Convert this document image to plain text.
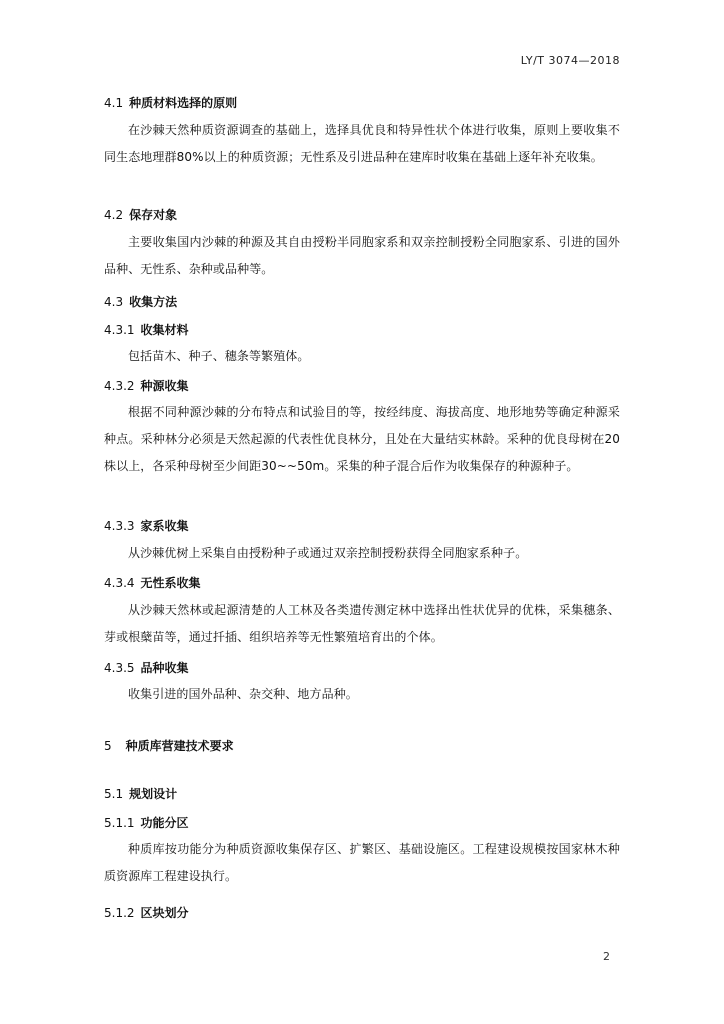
LY/T 3074—2018
4.1 种质材料选择的原则
在沙棘天然种质资源调查的基础上，选择具优良和特异性状个体进行收集，原则上要收集不同生态地理群80%以上的种质资源；无性系及引进品种在建库时收集在基础上逐年补充收集。
4.2 保存对象
主要收集国内沙棘的种源及其自由授粉半同胞家系和双亲控制授粉全同胞家系、引进的国外品种、无性系、杂种或品种等。
4.3 收集方法
4.3.1 收集材料
包括苗木、种子、穗条等繁殖体。
4.3.2 种源收集
根据不同种源沙棘的分布特点和试验目的等，按经纬度、海拔高度、地形地势等确定种源采种点。采种林分必须是天然起源的代表性优良林分，且处在大量结实林龄。采种的优良母树在20株以上，各采种母树至少间距30~~50m。采集的种子混合后作为收集保存的种源种子。
4.3.3 家系收集
从沙棘优树上采集自由授粉种子或通过双亲控制授粉获得全同胞家系种子。
4.3.4 无性系收集
从沙棘天然林或起源清楚的人工林及各类遗传测定林中选择出性状优异的优株，采集穗条、芽或根蘖苗等，通过扦插、组织培养等无性繁殖培育出的个体。
4.3.5 品种收集
收集引进的国外品种、杂交种、地方品种。
5 种质库营建技术要求
5.1 规划设计
5.1.1 功能分区
种质库按功能分为种质资源收集保存区、扩繁区、基础设施区。工程建设规模按国家林木种质资源库工程建设执行。
5.1.2 区块划分
2
